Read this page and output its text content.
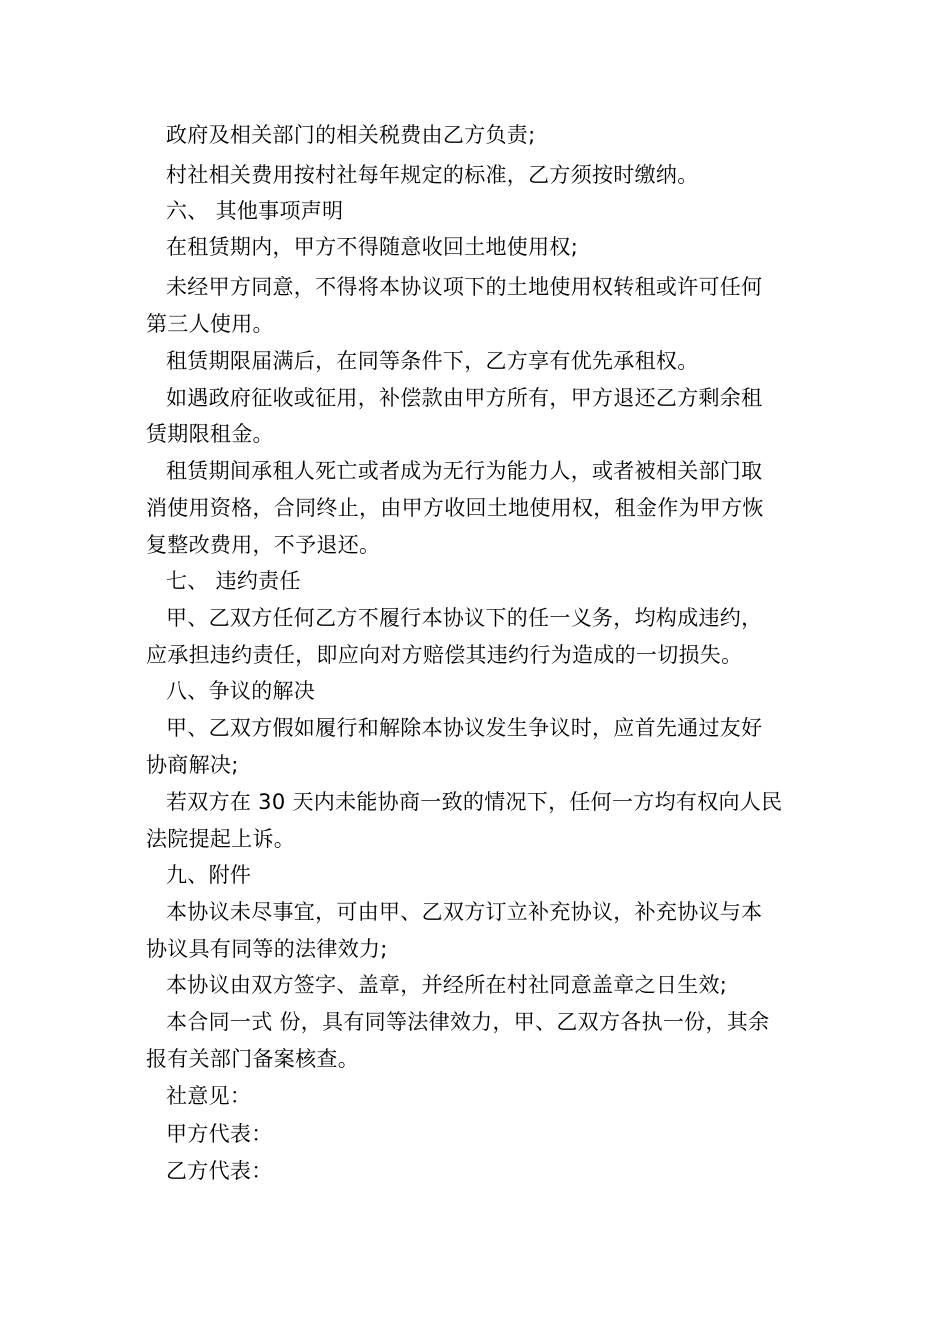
政府及相关部门的相关税费由乙方负责;
村社相关费用按村社每年规定的标准，乙方须按时缴纳。
六、 其他事项声明
在租赁期内，甲方不得随意收回土地使用权;
未经甲方同意，不得将本协议项下的土地使用权转租或许可任何
第三人使用。
租赁期限届满后，在同等条件下，乙方享有优先承租权。
如遇政府征收或征用，补偿款由甲方所有，甲方退还乙方剩余租
赁期限租金。
租赁期间承租人死亡或者成为无行为能力人，或者被相关部门取
消使用资格，合同终止，由甲方收回土地使用权，租金作为甲方恢
复整改费用，不予退还。
七、 违约责任
甲、乙双方任何乙方不履行本协议下的任一义务，均构成违约，
应承担违约责任，即应向对方赔偿其违约行为造成的一切损失。
八、争议的解决
甲、乙双方假如履行和解除本协议发生争议时，应首先通过友好
协商解决;
若双方在 30 天内未能协商一致的情况下，任何一方均有权向人民
法院提起上诉。
九、附件
本协议未尽事宜，可由甲、乙双方订立补充协议，补充协议与本
协议具有同等的法律效力;
本协议由双方签字、盖章，并经所在村社同意盖章之日生效;
本合同一式 份，具有同等法律效力，甲、乙双方各执一份，其余
报有关部门备案核查。
社意见：
甲方代表：
乙方代表：
